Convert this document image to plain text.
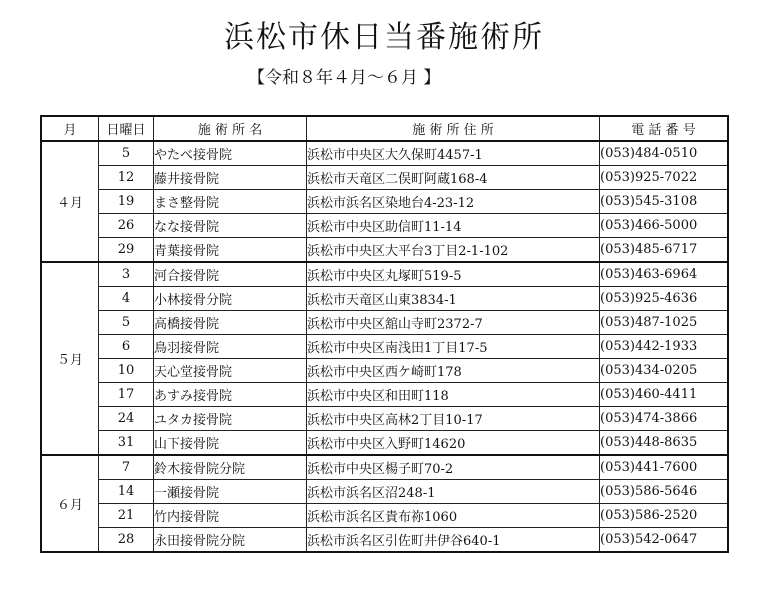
浜松市休日当番施術所
【令和８年４月～６月 】
月	日曜日	施 術 所 名	施 術 所 住 所	電 話 番 号
４月	5	やたべ接骨院	浜松市中央区大久保町4457-1	(053)484-0510
	12	藤井接骨院	浜松市天竜区二俣町阿蔵168-4	(053)925-7022
	19	まさ整骨院	浜松市浜名区染地台4-23-12	(053)545-3108
	26	なな接骨院	浜松市中央区助信町11-14	(053)466-5000
	29	青葉接骨院	浜松市中央区大平台3丁目2-1-102	(053)485-6717
５月	3	河合接骨院	浜松市中央区丸塚町519-5	(053)463-6964
	4	小林接骨分院	浜松市天竜区山東3834-1	(053)925-4636
	5	高橋接骨院	浜松市中央区舘山寺町2372-7	(053)487-1025
	6	鳥羽接骨院	浜松市中央区南浅田1丁目17-5	(053)442-1933
	10	天心堂接骨院	浜松市中央区西ケ崎町178	(053)434-0205
	17	あすみ接骨院	浜松市中央区和田町118	(053)460-4411
	24	ユタカ接骨院	浜松市中央区高林2丁目10-17	(053)474-3866
	31	山下接骨院	浜松市中央区入野町14620	(053)448-8635
６月	7	鈴木接骨院分院	浜松市中央区楊子町70-2	(053)441-7600
	14	一瀬接骨院	浜松市浜名区沼248-1	(053)586-5646
	21	竹内接骨院	浜松市浜名区貴布祢1060	(053)586-2520
	28	永田接骨院分院	浜松市浜名区引佐町井伊谷640-1	(053)542-0647
